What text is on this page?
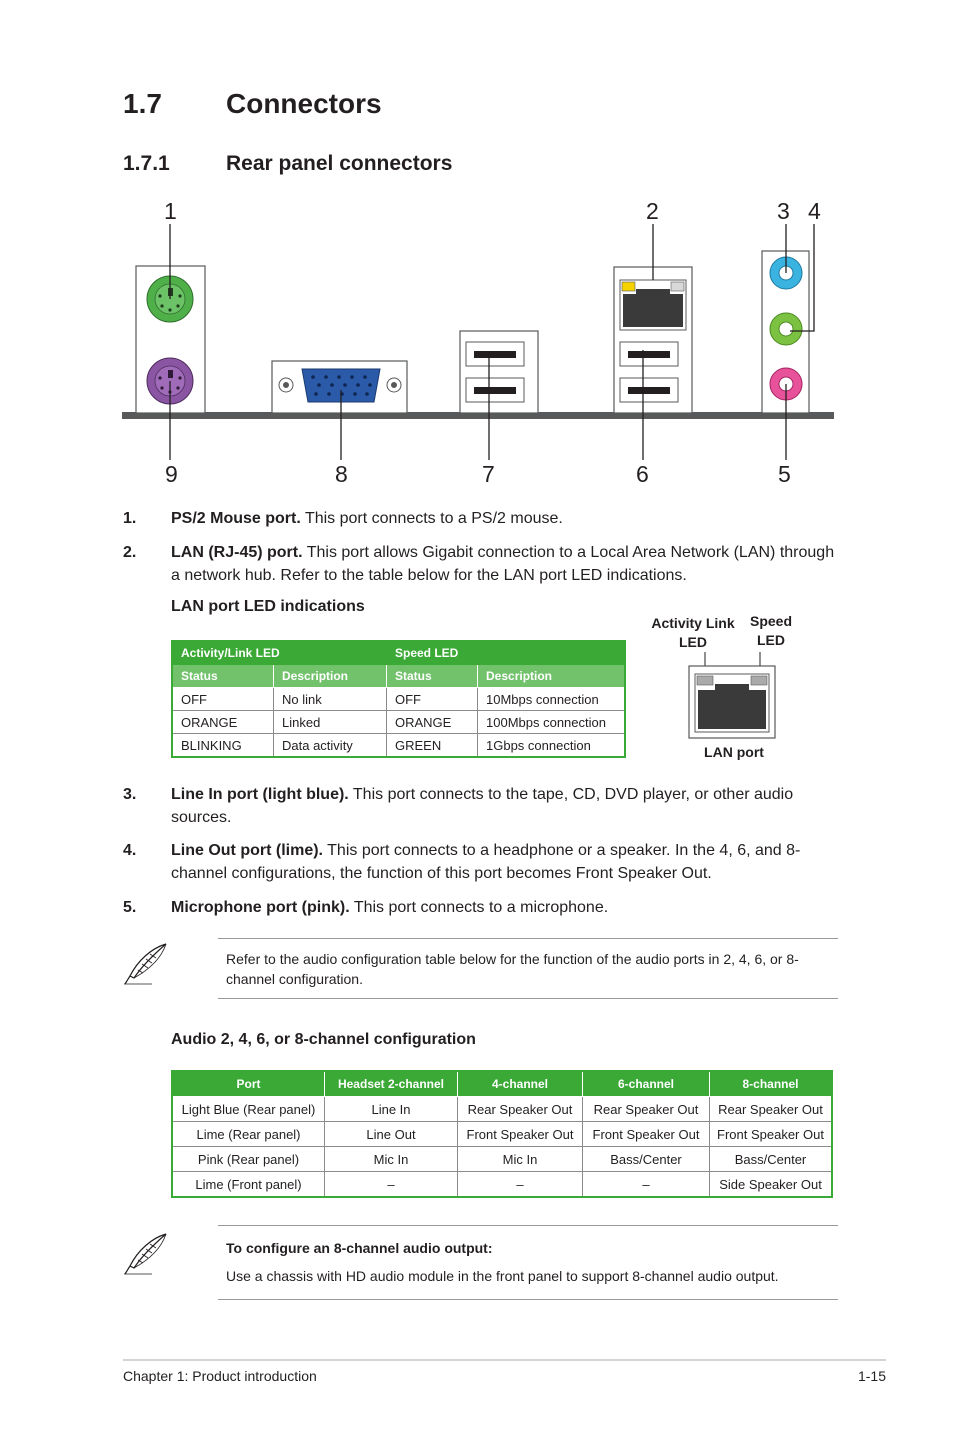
1.7 Connectors
1.7.1	Rear panel connectors
1	2	3 4
5
6
7
8
9
1. PS/2 Mouse port. This port connects to a PS/2 mouse.
2. LAN (RJ-45) port. This port allows Gigabit connection to a Local Area Network (LAN) through a network hub. Refer to the table below for the LAN port LED indications.
LAN port LED indications
Activity/Link LED		Speed LED	
Status	Description	Status	Description
OFF	No link	OFF	10Mbps connection
ORANGE	Linked	ORANGE	100Mbps connection
BLINKING	Data activity	GREEN	1Gbps connection
Activity Link
LED
Speed
LED
LAN port
3. Line In port (light blue). This port connects to the tape, CD, DVD player, or other audio sources.
4. Line Out port (lime). This port connects to a headphone or a speaker. In the 4, 6, and 8-channel configurations, the function of this port becomes Front Speaker Out.
5. Microphone port (pink). This port connects to a microphone.
Refer to the audio configuration table below for the function of the audio ports in 2, 4, 6, or 8-channel configuration.
Audio 2, 4, 6, or 8-channel configuration
Port	Headset 2-channel	4-channel	6-channel	8-channel
Light Blue (Rear panel)	Line In	Rear Speaker Out	Rear Speaker Out	Rear Speaker Out
Lime (Rear panel)	Line Out	Front Speaker Out	Front Speaker Out	Front Speaker Out
Pink (Rear panel)	Mic In	Mic In	Bass/Center	Bass/Center
Lime (Front panel)	–	–	–	Side Speaker Out
To configure an 8-channel audio output:
Use a chassis with HD audio module in the front panel to support 8-channel audio output.
Chapter 1: Product introduction	1-15
